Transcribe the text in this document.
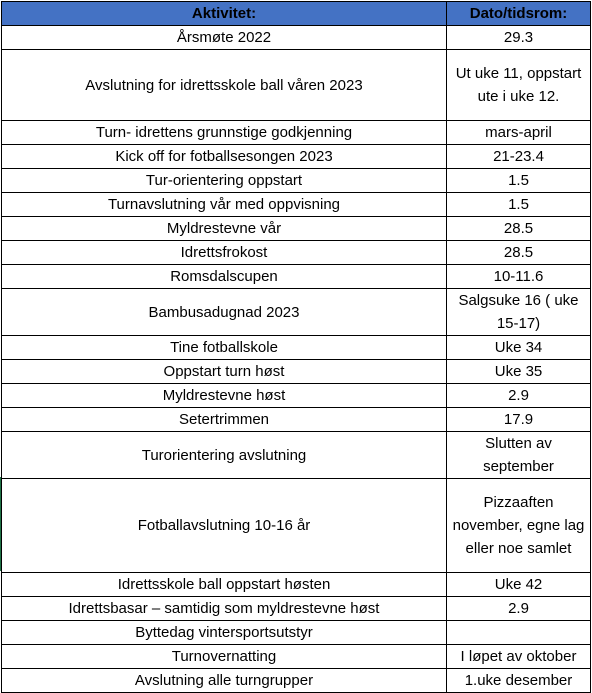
Aktivitet:	Dato/tidsrom:
Årsmøte 2022	29.3
Avslutning for idrettsskole ball våren 2023	Ut uke 11, oppstart ute i uke 12.
Turn- idrettens grunnstige godkjenning	mars-april
Kick off for fotballsesongen 2023	21-23.4
Tur-orientering oppstart	1.5
Turnavslutning vår med oppvisning	1.5
Myldrestevne vår	28.5
Idrettsfrokost	28.5
Romsdalscupen	10-11.6
Bambusadugnad 2023	Salgsuke 16 ( uke 15-17)
Tine fotballskole	Uke 34
Oppstart turn høst	Uke 35
Myldrestevne høst	2.9
Setertrimmen	17.9
Turorientering avslutning	Slutten av september
Fotballavslutning 10-16 år	Pizzaaften november, egne lag eller noe samlet
Idrettsskole ball oppstart høsten	Uke 42
Idrettsbasar – samtidig som myldrestevne høst	2.9
Byttedag vintersportsutstyr	
Turnovernatting	I løpet av oktober
Avslutning alle turngrupper	1.uke desember
